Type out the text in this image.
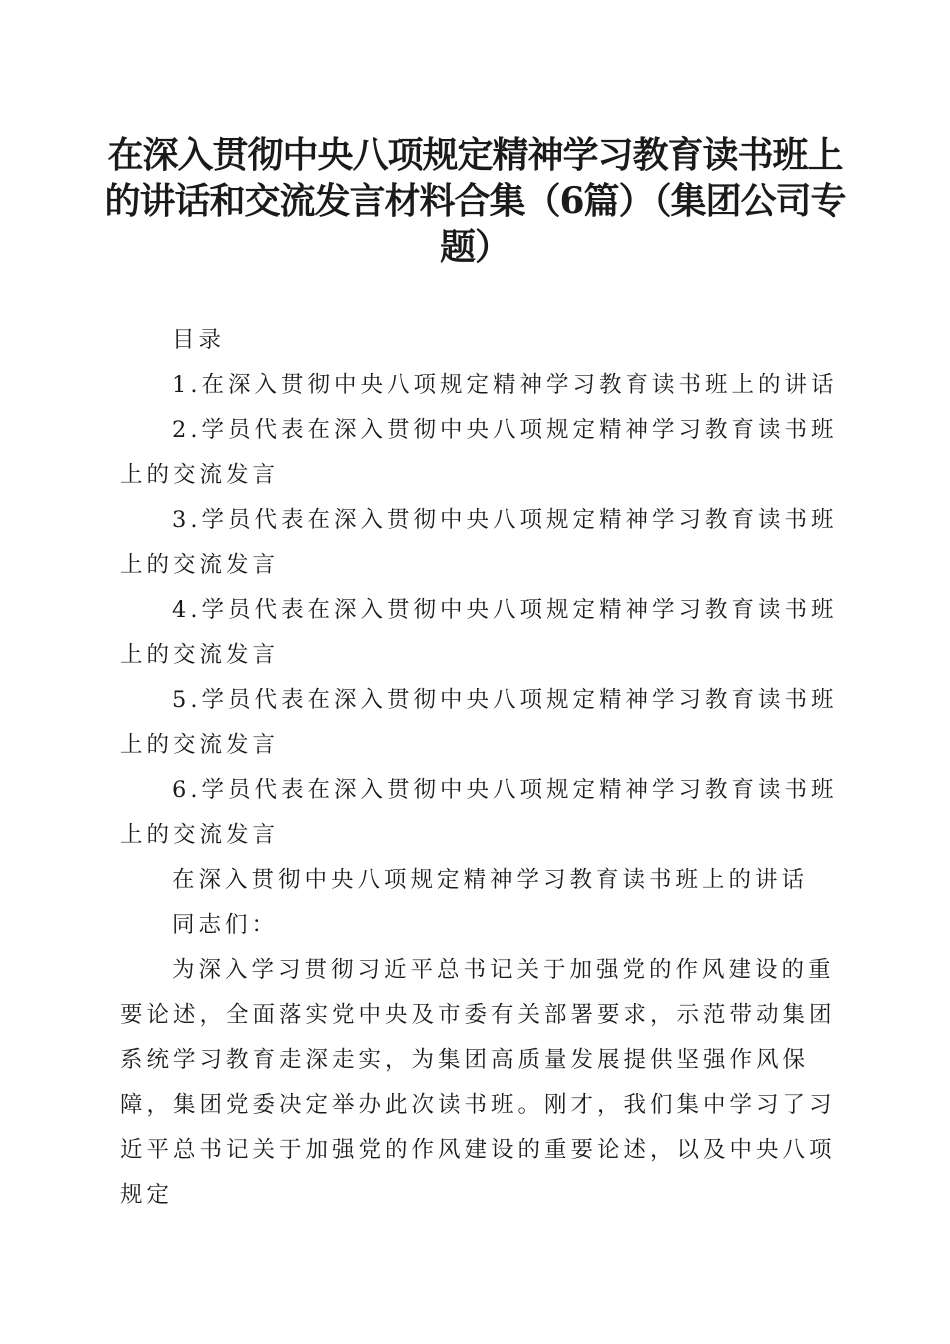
在深入贯彻中央八项规定精神学习教育读书班上的讲话和交流发言材料合集（6篇）（集团公司专题）

目录

1.在深入贯彻中央八项规定精神学习教育读书班上的讲话

2.学员代表在深入贯彻中央八项规定精神学习教育读书班上的交流发言

3.学员代表在深入贯彻中央八项规定精神学习教育读书班上的交流发言

4.学员代表在深入贯彻中央八项规定精神学习教育读书班上的交流发言

5.学员代表在深入贯彻中央八项规定精神学习教育读书班上的交流发言

6.学员代表在深入贯彻中央八项规定精神学习教育读书班上的交流发言

在深入贯彻中央八项规定精神学习教育读书班上的讲话

同志们：

为深入学习贯彻习近平总书记关于加强党的作风建设的重要论述，全面落实党中央及市委有关部署要求，示范带动集团系统学习教育走深走实，为集团高质量发展提供坚强作风保障，集团党委决定举办此次读书班。刚才，我们集中学习了习近平总书记关于加强党的作风建设的重要论述，以及中央八项规定
